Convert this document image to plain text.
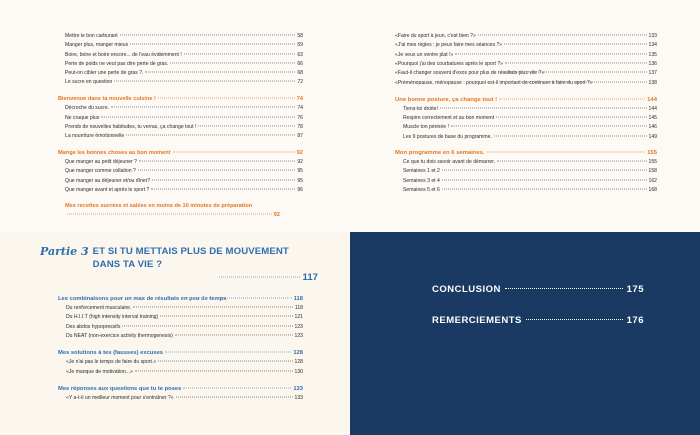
Mettre le bon carburant	58
Manger plus, manger mieux	59
Boire, boire et boire encore... de l'eau évidemment !	63
Perte de poids ne veut pas dire perte de gras.	66
Peut-on cibler une perte de gras ?.	68
Le sucre en question	72
Bienvenue dans ta nouvelle cuisine !	74
Décroche du sucre.	74
Ne craque plus	76
Prends de nouvelles habitudes, tu verras, ça change tout !	78
La nourriture émotionnelle	87
Mange les bonnes choses au bon moment	92
Que manger au petit déjeuner ?	92
Que manger comme collation ?	95
Que manger au déjeuner et/ou dîner?	95
Que manger avant et après le sport ?	96
Mes recettes sucrées et salées en moins de 10 minutes de préparation
92
Partie 3 ET SI TU METTAIS PLUS DE MOUVEMENT DANS TA VIE ?
117
Les combinaisons pour un max de résultats en peu de temps	118
Du renforcement musculaire.	118
Du H.I.I.T (high intensity interval training)	121
Des abdos hypopressifs	123
Du NEAT (non-exercice activity thermogenesis)	123
Mes solutions à tes (fausses) excuses	128
«Je n'ai pas le temps de faire du sport.»	128
«Je manque de motivation...»	130
Mes réponses aux questions que tu te poses	133
«Y a-t-il un meilleur moment pour s'entraîner ?»	133
«Faire du sport à jeun, c'est bien ?»	133
«J'ai mes règles : je peux faire mes séances ?»	134
«Je veux un ventre plat !»	135
«Pourquoi j'ai des courbatures après le sport ?»	136
«Faut-il changer souvent d'exos pour plus de résultats plus vite ?»	137
«Préménopause, ménopause : pourquoi est-il important de continuer à faire du sport ?»	138
Une bonne posture, ça change tout !	144
Tiens-toi droite!	144
Respire correctement et au bon moment	145
Muscle ton périnée !	146
Les 9 postures de base du programme.	149
Mon programme en 6 semaines.	155
Ce que tu dois savoir avant de démarrer.	155
Semaines 1 et 2	158
Semaines 3 et 4	162
Semaines 5 et 6	168
CONCLUSION	175
REMERCIEMENTS	176
